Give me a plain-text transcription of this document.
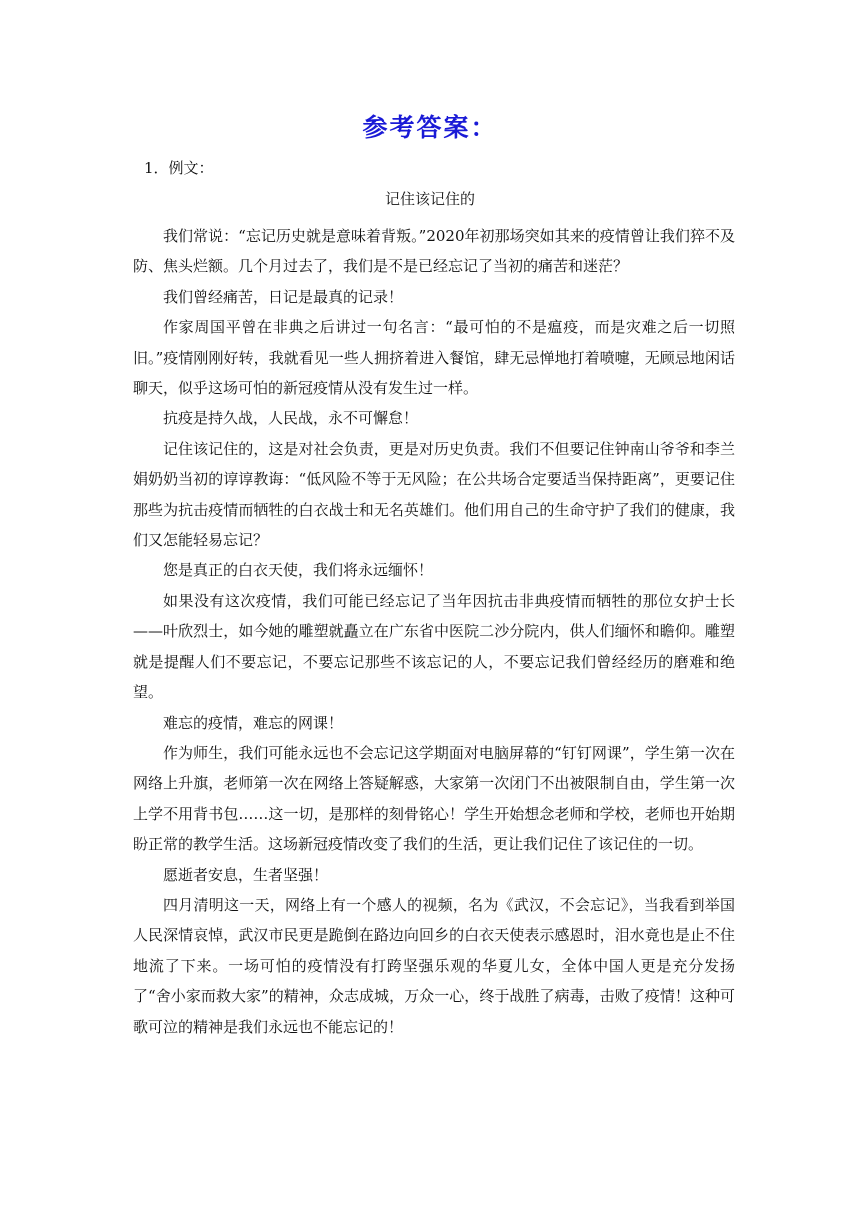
参考答案：
1．例文：
记住该记住的

我们常说：“忘记历史就是意味着背叛。”2020年初那场突如其来的疫情曾让我们猝不及防、焦头烂额。几个月过去了，我们是不是已经忘记了当初的痛苦和迷茫？

我们曾经痛苦，日记是最真的记录！

作家周国平曾在非典之后讲过一句名言：“最可怕的不是瘟疫，而是灾难之后一切照旧。”疫情刚刚好转，我就看见一些人拥挤着进入餐馆，肆无忌惮地打着喷嚏，无顾忌地闲话聊天，似乎这场可怕的新冠疫情从没有发生过一样。

抗疫是持久战，人民战，永不可懈怠！

记住该记住的，这是对社会负责，更是对历史负责。我们不但要记住钟南山爷爷和李兰娟奶奶当初的谆谆教诲：“低风险不等于无风险；在公共场合定要适当保持距离”，更要记住那些为抗击疫情而牺牲的白衣战士和无名英雄们。他们用自己的生命守护了我们的健康，我们又怎能轻易忘记？

您是真正的白衣天使，我们将永远缅怀！

如果没有这次疫情，我们可能已经忘记了当年因抗击非典疫情而牺牲的那位女护士长——叶欣烈士，如今她的雕塑就矗立在广东省中医院二沙分院内，供人们缅怀和瞻仰。雕塑就是提醒人们不要忘记，不要忘记那些不该忘记的人，不要忘记我们曾经经历的磨难和绝望。

难忘的疫情，难忘的网课！

作为师生，我们可能永远也不会忘记这学期面对电脑屏幕的“钉钉网课”，学生第一次在网络上升旗，老师第一次在网络上答疑解惑，大家第一次闭门不出被限制自由，学生第一次上学不用背书包……这一切，是那样的刻骨铭心！学生开始想念老师和学校，老师也开始期盼正常的教学生活。这场新冠疫情改变了我们的生活，更让我们记住了该记住的一切。

愿逝者安息，生者坚强！

四月清明这一天，网络上有一个感人的视频，名为《武汉，不会忘记》，当我看到举国人民深情哀悼，武汉市民更是跪倒在路边向回乡的白衣天使表示感恩时，泪水竟也是止不住地流了下来。一场可怕的疫情没有打跨坚强乐观的华夏儿女，全体中国人更是充分发扬了“舍小家而救大家”的精神，众志成城，万众一心，终于战胜了病毒，击败了疫情！这种可歌可泣的精神是我们永远也不能忘记的！
